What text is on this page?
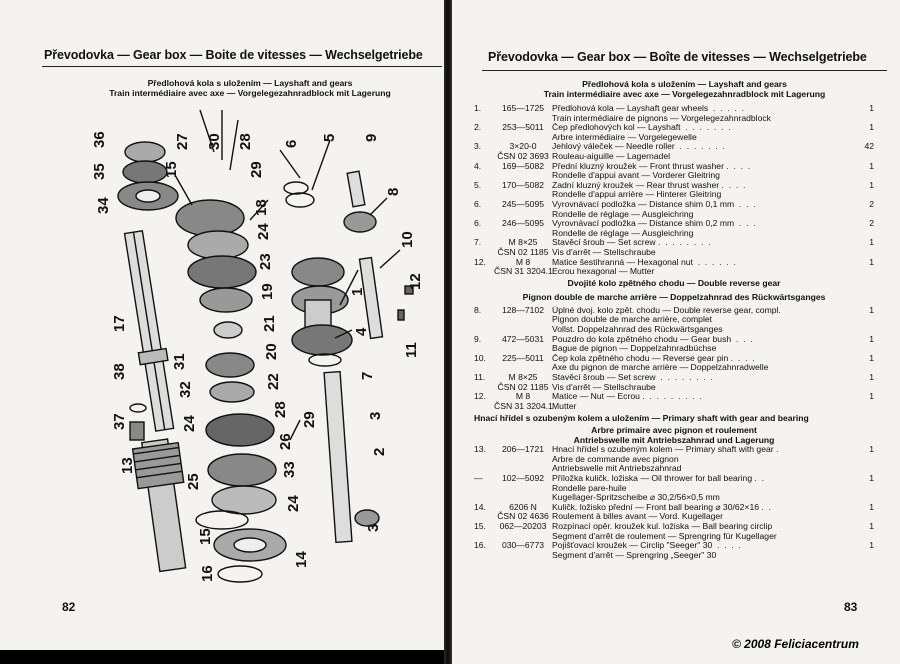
Převodovka — Gear box — Boite de vitesses — Wechselgetriebe
Předlohová kola s uložením — Layshaft and gears
Train intermédiaire avec axe — Vorgelegezahnradblock mit Lagerung
36
35
34
27 30 28
15	29
18
24
23
19
21
20
22
31
32
24
28
29
17
38
37
13
26
33
24
25
15
16
14
6
5 9
8
10
12
1
4
7
3
2
11
3
82
Převodovka — Gear box — Boîte de vitesses — Wechselgetriebe
Předlohová kola s uložením — Layshaft and gears
Train intermédiaire avec axe — Vorgelegezahnradblock mit Lagerung
1.	165—1725 Předlohová kola — Layshaft gear wheels  .  .  .  .  .	1
Train intermédiaire de pignons — Vorgelegezahnradblock
2.	253—5011 Čep předlohových kol — Layshaft  .  .  .  .  .  .  .	1
Arbre intermédiaire — Vorgelegewelle
3.	3×20-0	Jehlový váleček — Needle roller  .  .  .  .  .  .  .	42
ČSN 02 3693 Rouleau-aiguille — Lagernadel
4.	169—5082 Přední kluzný kroužek — Front thrust washer .  .  .  .	1
Rondelle d'appui avant — Vorderer Gleitring
5.	170—5082 Zadní kluzný kroužek — Rear thrust washer .  .  .  .	1
Rondelle d'appui arrière — Hinterer Gleitring
6.	245—5095 Vyrovnávací podložka — Distance shim 0,1 mm  .  .  .	2
Rondelle de réglage — Ausgleichring
6.	246—5095 Vyrovnávací podložka — Distance shim 0,2 mm  .  .  .	2
Rondelle de réglage — Ausgleichring
7.	M 8×25	Stavěcí šroub — Set screw .  .  .  .  .  .  .  .	1
ČSN 02 1185 Vis d'arrêt — Stellschraube
12.	M 8	Matice šestihranná — Hexagonal nut  .  .  .  .  .  .	1
ČSN 31 3204.1 Ecrou hexagonal — Mutter
Dvojité kolo zpětného chodu — Double reverse gear
Pignon double de marche arrière — Doppelzahnrad des Rückwärtsganges
8.	128—7102 Úplné dvoj. kolo zpět. chodu — Double reverse gear, compl.	1
Pignon double de marche arrière, complet
Vollst. Doppelzahnrad des Rückwärtsganges
9.	472—5031 Pouzdro do kola zpětného chodu — Gear bush  .  .  .	1
Bague de pignon — Doppelzahnradbüchse
10.	225—5011 Čep kola zpětného chodu — Reverse gear pin .  .  .  .	1
Axe du pignon de marche arrière — Doppelzahnradwelle
11.	M 8×25	Stavěcí šroub — Set screw  .  .  .  .  .  .  .  .	1
ČSN 02 1185 Vis d'arrêt — Stellschraube
12.	M 8	Matice — Nut — Ecrou .  .  .  .  .  .  .  .  .	1
ČSN 31 3204.1 Mutter
Hnací hřídel s ozubeným kolem a uložením — Primary shaft with gear and bearing
Arbre primaire avec pignon et roulement
Antriebswelle mit Antriebszahnrad und Lagerung
13.	206—1721 Hnací hřídel s ozubeným kolem — Primary shaft with gear .	1
Arbre de commande avec pignon
Antriebswelle mit Antriebszahnrad
—	102—5092 Příložka kuličk. ložiska — Oil thrower for ball bearing .  .	1
Rondelle pare-huile
Kugellager-Spritzscheibe ⌀ 30,2/56×0,5 mm
14.	6206 N	Kuličk. ložisko přední — Front ball bearing ⌀ 30/62×16 .  .	1
ČSN 02 4636 Roulement à billes avant — Vord. Kugellager
15.	062—20203 Rozpínací opěr. kroužek kul. ložiska — Ball bearing circlip	1
Segment d'arrêt de roulement — Sprengring für Kugellager
16.	030—6773 Pojišťovací kroužek — Circlip "Seeger" 30  .  .  .  .	1
Segment d'arrêt — Sprengring „Seeger" 30
83
© 2008 Feliciacentrum
